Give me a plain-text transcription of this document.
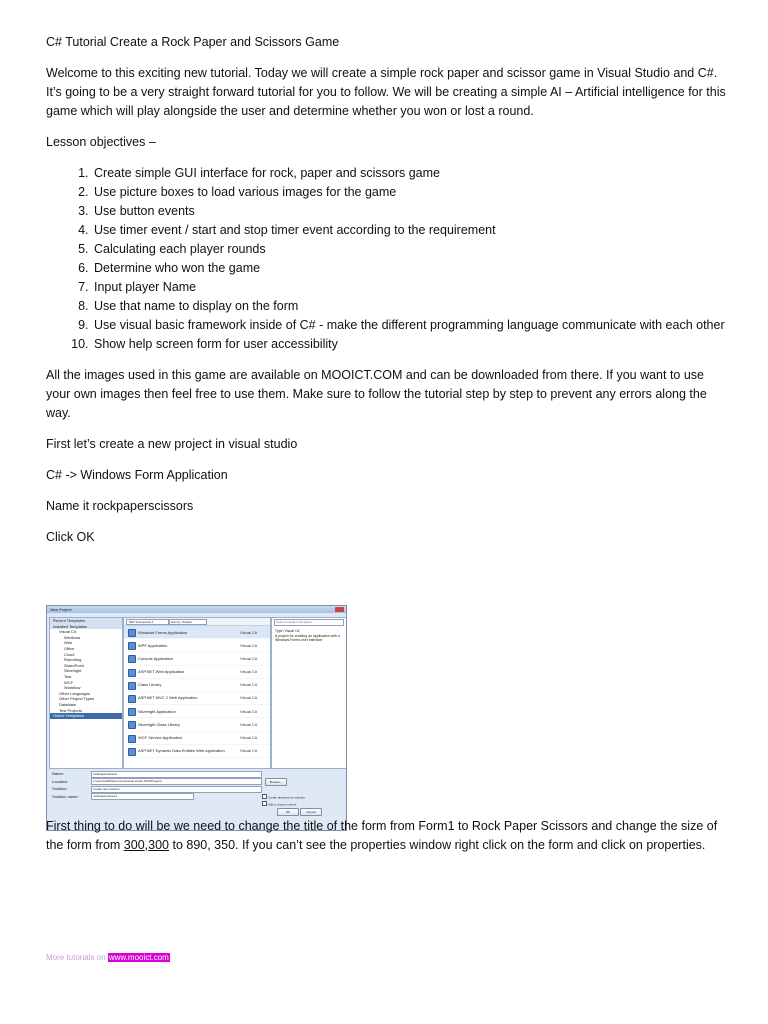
C# Tutorial Create a Rock Paper and Scissors Game

Welcome to this exciting new tutorial. Today we will create a simple rock paper and scissor game in Visual Studio and C#. It’s going to be a very straight forward tutorial for you to follow. We will be creating a simple AI – Artificial intelligence for this game which will play alongside the user and determine whether you won or lost a round.

Lesson objectives –

1. Create simple GUI interface for rock, paper and scissors game
2. Use picture boxes to load various images for the game
3. Use button events
4. Use timer event / start and stop timer event according to the requirement
5. Calculating each player rounds
6. Determine who won the game
7. Input player Name
8. Use that name to display on the form
9. Use visual basic framework inside of C# - make the different programming language communicate with each other
10. Show help screen form for user accessibility

All the images used in this game are available on MOOICT.COM and can be downloaded from there. If you want to use your own images then feel free to use them. Make sure to follow the tutorial step by step to prevent any errors along the way.

First let’s create a new project in visual studio

C# -> Windows Form Application

Name it rockpaperscissors

Click OK

New Project
Recent Templates
Installed Templates
Visual C#
Windows
Web
Office
Cloud
Reporting
SharePoint
Silverlight
Test
WCF
Workflow
Other Languages
Other Project Types
Database
Test Projects
Online Templates
.NET Framework 4	Sort by: Default
Windows Forms Application	Visual C#
WPF Application	Visual C#
Console Application	Visual C#
ASP.NET Web Application	Visual C#
Class Library	Visual C#
ASP.NET MVC 2 Web Application	Visual C#
Silverlight Application	Visual C#
Silverlight Class Library	Visual C#
WCF Service Application	Visual C#
ASP.NET Dynamic Data Entities Web Application	Visual C#
Search Installed Templates
Type: Visual C#
A project for creating an application with a Windows Forms user interface
Name:	rockpaperscissors
Location:	c:\users\staff\documents\visual studio 2010\Projects	Browse...
Solution:	Create new solution
Solution name:	rockpaperscissors	Create directory for solution
Add to source control
OK	Cancel

First thing to do will be we need to change the title of the form from Form1 to Rock Paper Scissors and change the size of the form from 300,300 to 890, 350. If you can’t see the properties window right click on the form and click on properties.

More tutorials on www.mooict.com
